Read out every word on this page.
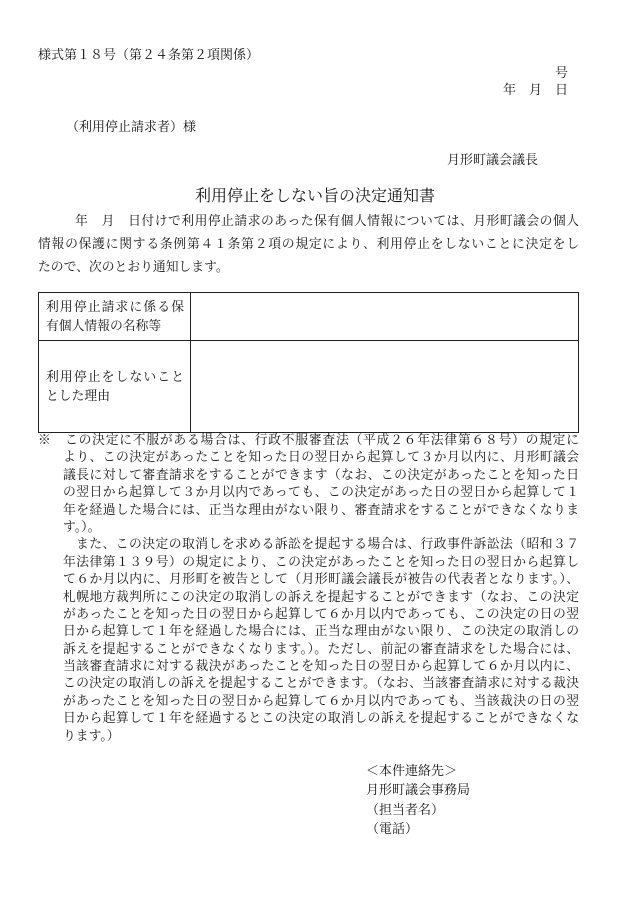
様式第１８号（第２４条第２項関係）
号
年　月　日
（利用停止請求者）様
月形町議会議長
利用停止をしない旨の決定通知書
年　月　日付けで利用停止請求のあった保有個人情報については、月形町議会の個人
情報の保護に関する条例第４１条第２項の規定により、利用停止をしないことに決定をし
たので、次のとおり通知します。
利用停止請求に係る保
有個人情報の名称等	

利用停止をしないこと
とした理由	

※　この決定に不服がある場合は、行政不服審査法（平成２６年法律第６８号）の規定に
より、この決定があったことを知った日の翌日から起算して３か月以内に、月形町議会
議長に対して審査請求をすることができます（なお、この決定があったことを知った日
の翌日から起算して３か月以内であっても、この決定があった日の翌日から起算して１
年を経過した場合には、正当な理由がない限り、審査請求をすることができなくなりま
す。）。
また、この決定の取消しを求める訴訟を提起する場合は、行政事件訴訟法（昭和３７
年法律第１３９号）の規定により、この決定があったことを知った日の翌日から起算し
て６か月以内に、月形町を被告として（月形町議会議長が被告の代表者となります。）、
札幌地方裁判所にこの決定の取消しの訴えを提起することができます（なお、この決定
があったことを知った日の翌日から起算して６か月以内であっても、この決定の日の翌
日から起算して１年を経過した場合には、正当な理由がない限り、この決定の取消しの
訴えを提起することができなくなります。）。ただし、前記の審査請求をした場合には、
当該審査請求に対する裁決があったことを知った日の翌日から起算して６か月以内に、
この決定の取消しの訴えを提起することができます。（なお、当該審査請求に対する裁決
があったことを知った日の翌日から起算して６か月以内であっても、当該裁決の日の翌
日から起算して１年を経過するとこの決定の取消しの訴えを提起することができなくな
ります。）
＜本件連絡先＞
月形町議会事務局
（担当者名）
（電話）
